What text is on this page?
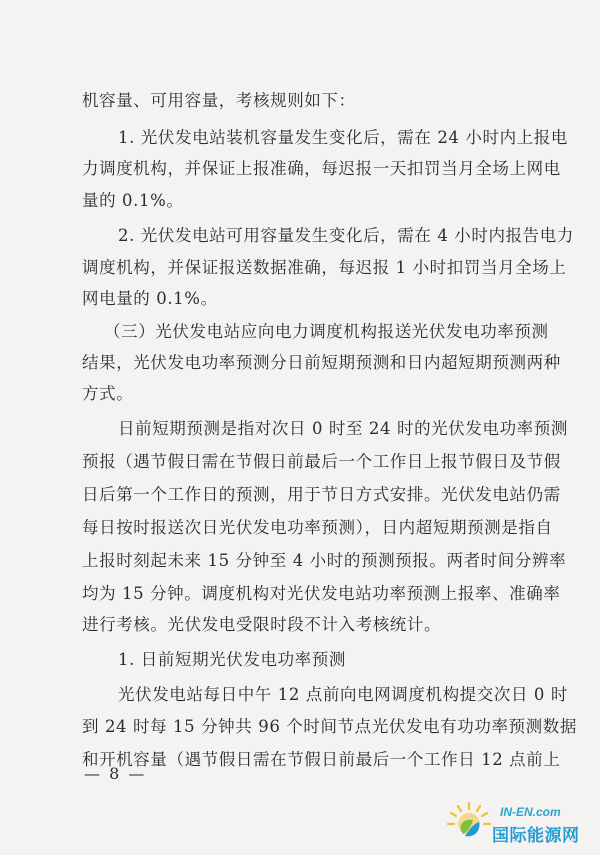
机容量、可用容量，考核规则如下：
1. 光伏发电站装机容量发生变化后，需在 24 小时内上报电
力调度机构，并保证上报准确，每迟报一天扣罚当月全场上网电
量的 0.1%。
2. 光伏发电站可用容量发生变化后，需在 4 小时内报告电力
调度机构，并保证报送数据准确，每迟报 1 小时扣罚当月全场上
网电量的 0.1%。
（三）光伏发电站应向电力调度机构报送光伏发电功率预测
结果，光伏发电功率预测分日前短期预测和日内超短期预测两种
方式。
日前短期预测是指对次日 0 时至 24 时的光伏发电功率预测
预报（遇节假日需在节假日前最后一个工作日上报节假日及节假
日后第一个工作日的预测，用于节日方式安排。光伏发电站仍需
每日按时报送次日光伏发电功率预测），日内超短期预测是指自
上报时刻起未来 15 分钟至 4 小时的预测预报。两者时间分辨率
均为 15 分钟。调度机构对光伏发电站功率预测上报率、准确率
进行考核。光伏发电受限时段不计入考核统计。
1. 日前短期光伏发电功率预测
光伏发电站每日中午 12 点前向电网调度机构提交次日 0 时
到 24 时每 15 分钟共 96 个时间节点光伏发电有功功率预测数据
和开机容量（遇节假日需在节假日前最后一个工作日 12 点前上
— 8 —
IN-EN.com
国际能源网
